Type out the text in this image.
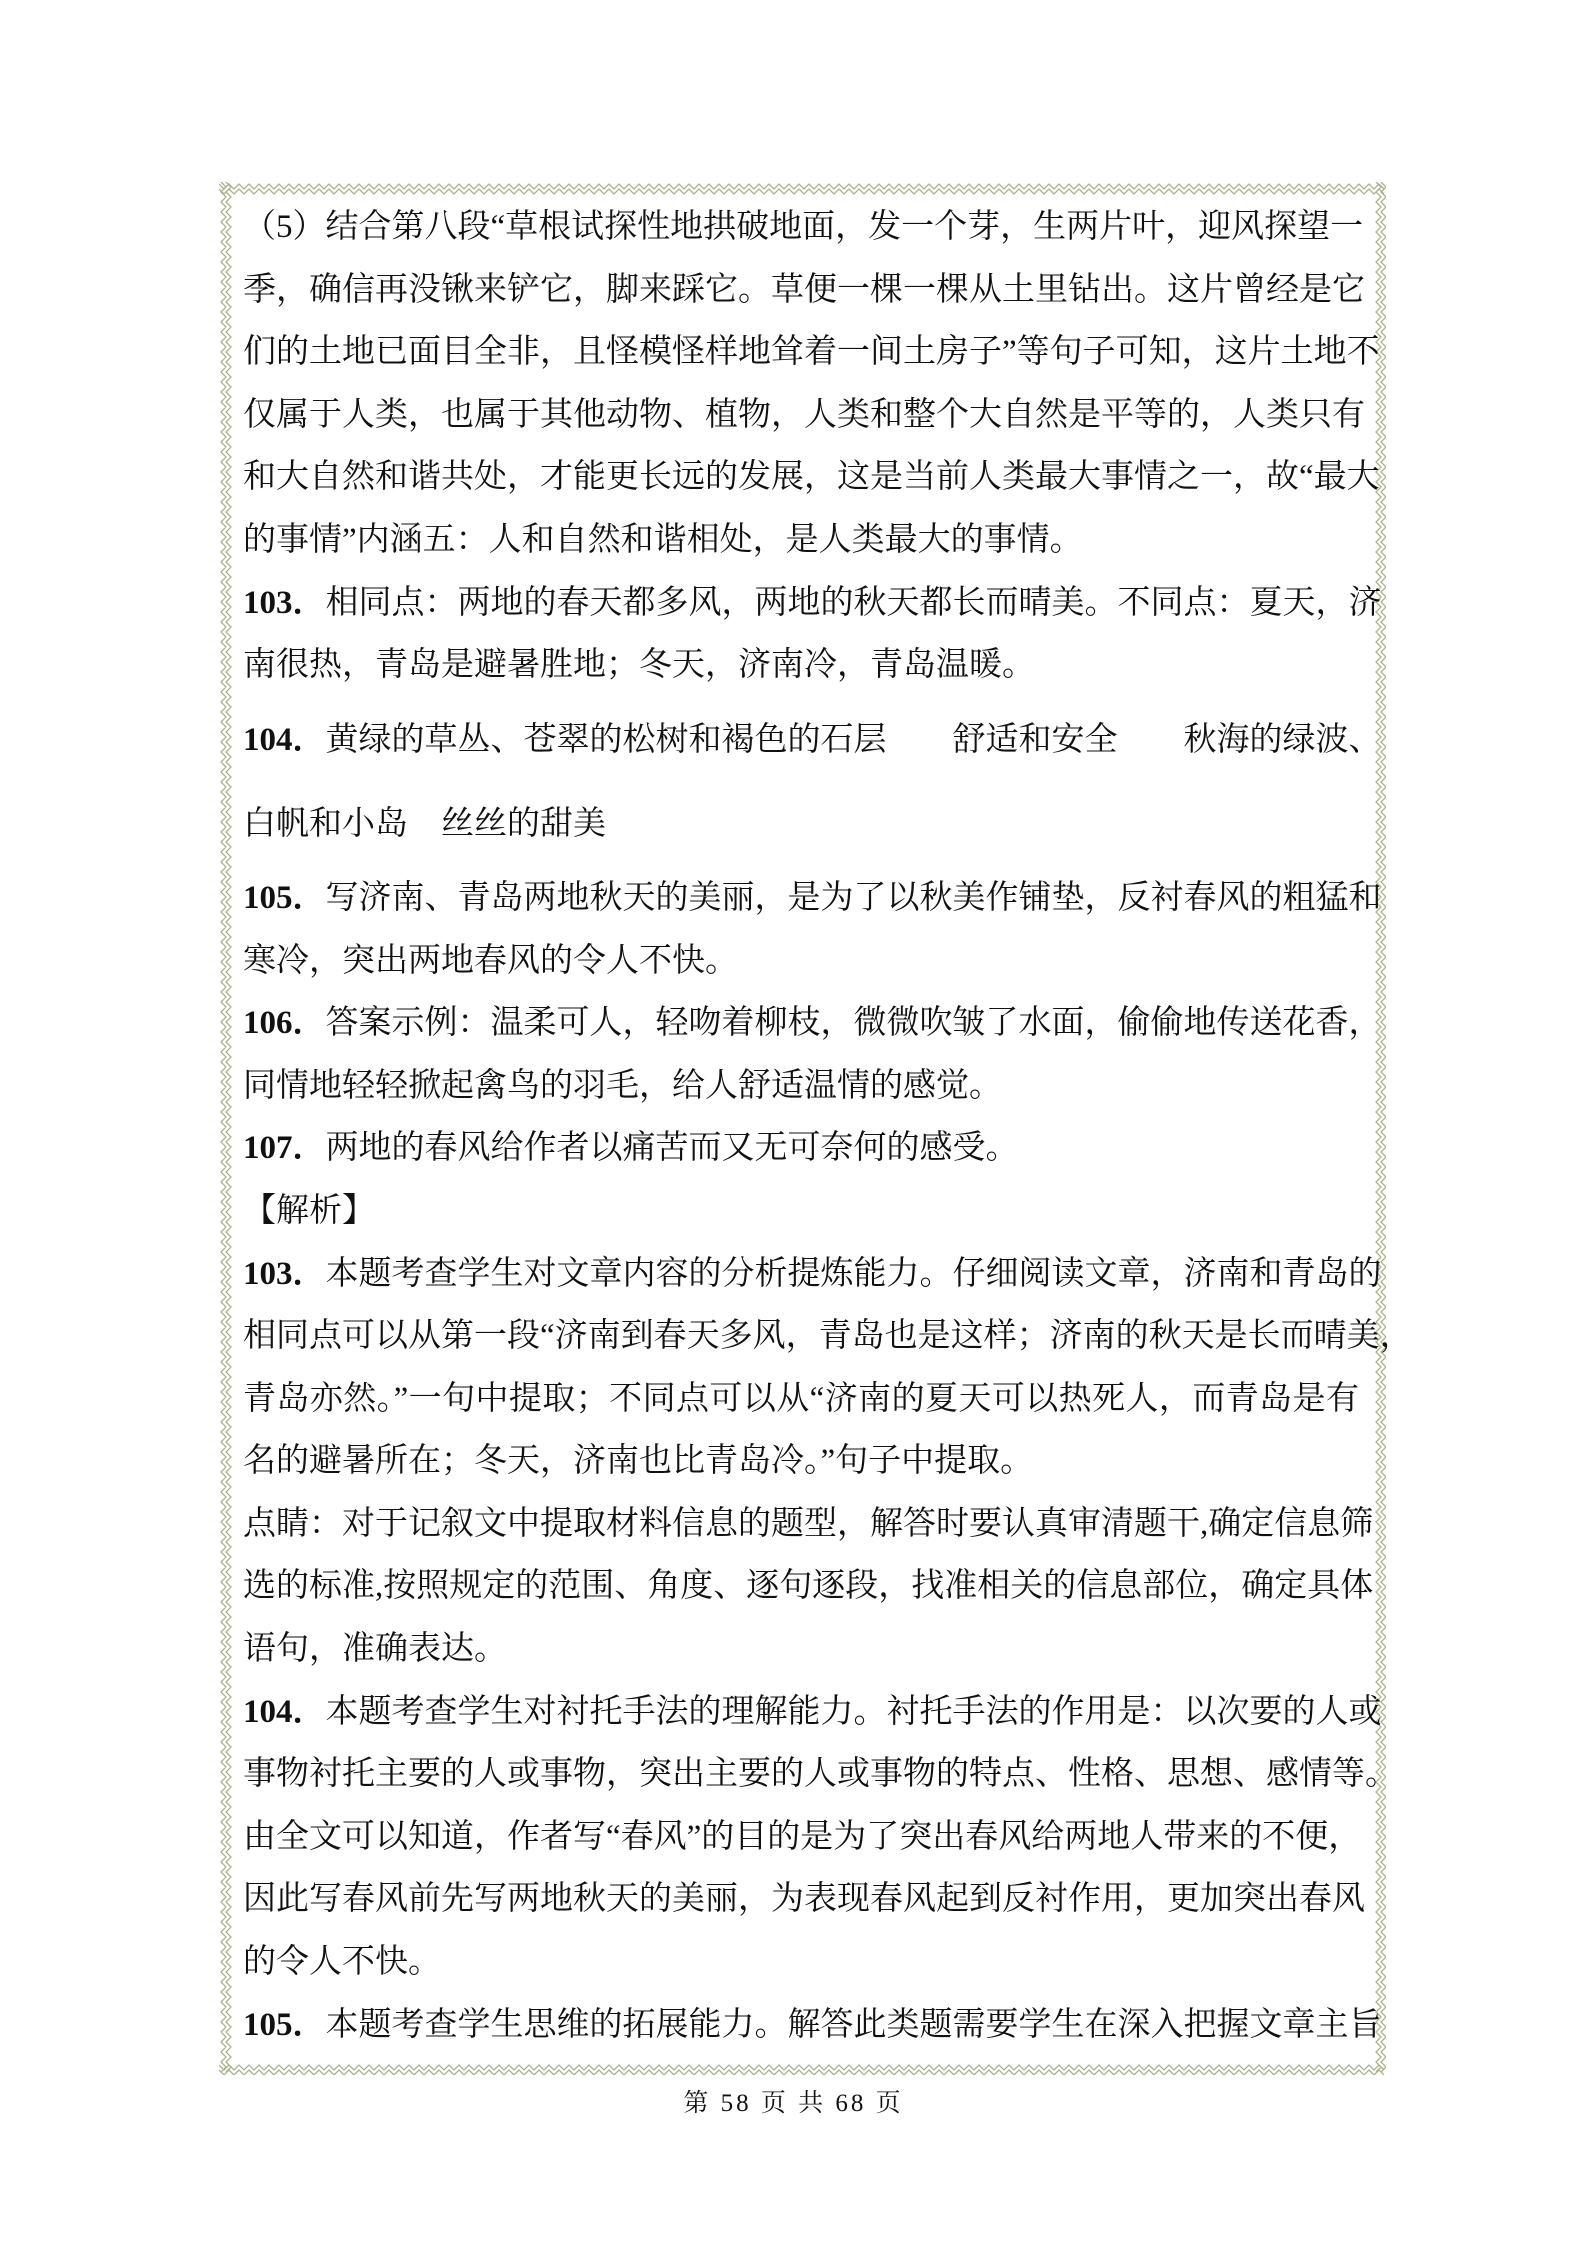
（5）结合第八段“草根试探性地拱破地面，发一个芽，生两片叶，迎风探望一
季，确信再没锹来铲它，脚来踩它。草便一棵一棵从土里钻出。这片曾经是它
们的土地已面目全非，且怪模怪样地耸着一间土房子”等句子可知，这片土地不
仅属于人类，也属于其他动物、植物，人类和整个大自然是平等的，人类只有
和大自然和谐共处，才能更长远的发展，这是当前人类最大事情之一，故“最大
的事情”内涵五：人和自然和谐相处，是人类最大的事情。
103．相同点：两地的春天都多风，两地的秋天都长而晴美。不同点：夏天，济
南很热，青岛是避暑胜地；冬天，济南冷，青岛温暖。
104．黄绿的草丛、苍翠的松树和褐色的石层　　舒适和安全　　秋海的绿波、
白帆和小岛　丝丝的甜美
105．写济南、青岛两地秋天的美丽，是为了以秋美作铺垫，反衬春风的粗猛和
寒冷，突出两地春风的令人不快。
106．答案示例：温柔可人，轻吻着柳枝，微微吹皱了水面，偷偷地传送花香，
同情地轻轻掀起禽鸟的羽毛，给人舒适温情的感觉。
107．两地的春风给作者以痛苦而又无可奈何的感受。
【解析】
103．本题考查学生对文章内容的分析提炼能力。仔细阅读文章，济南和青岛的
相同点可以从第一段“济南到春天多风，青岛也是这样；济南的秋天是长而晴美，
青岛亦然。”一句中提取；不同点可以从“济南的夏天可以热死人，而青岛是有
名的避暑所在；冬天，济南也比青岛冷。”句子中提取。
点睛：对于记叙文中提取材料信息的题型，解答时要认真审清题干,确定信息筛
选的标准,按照规定的范围、角度、逐句逐段，找准相关的信息部位，确定具体
语句，准确表达。
104．本题考查学生对衬托手法的理解能力。衬托手法的作用是：以次要的人或
事物衬托主要的人或事物，突出主要的人或事物的特点、性格、思想、感情等。
由全文可以知道，作者写“春风”的目的是为了突出春风给两地人带来的不便，
因此写春风前先写两地秋天的美丽，为表现春风起到反衬作用，更加突出春风
的令人不快。
105．本题考查学生思维的拓展能力。解答此类题需要学生在深入把握文章主旨
第 58 页 共 68 页
